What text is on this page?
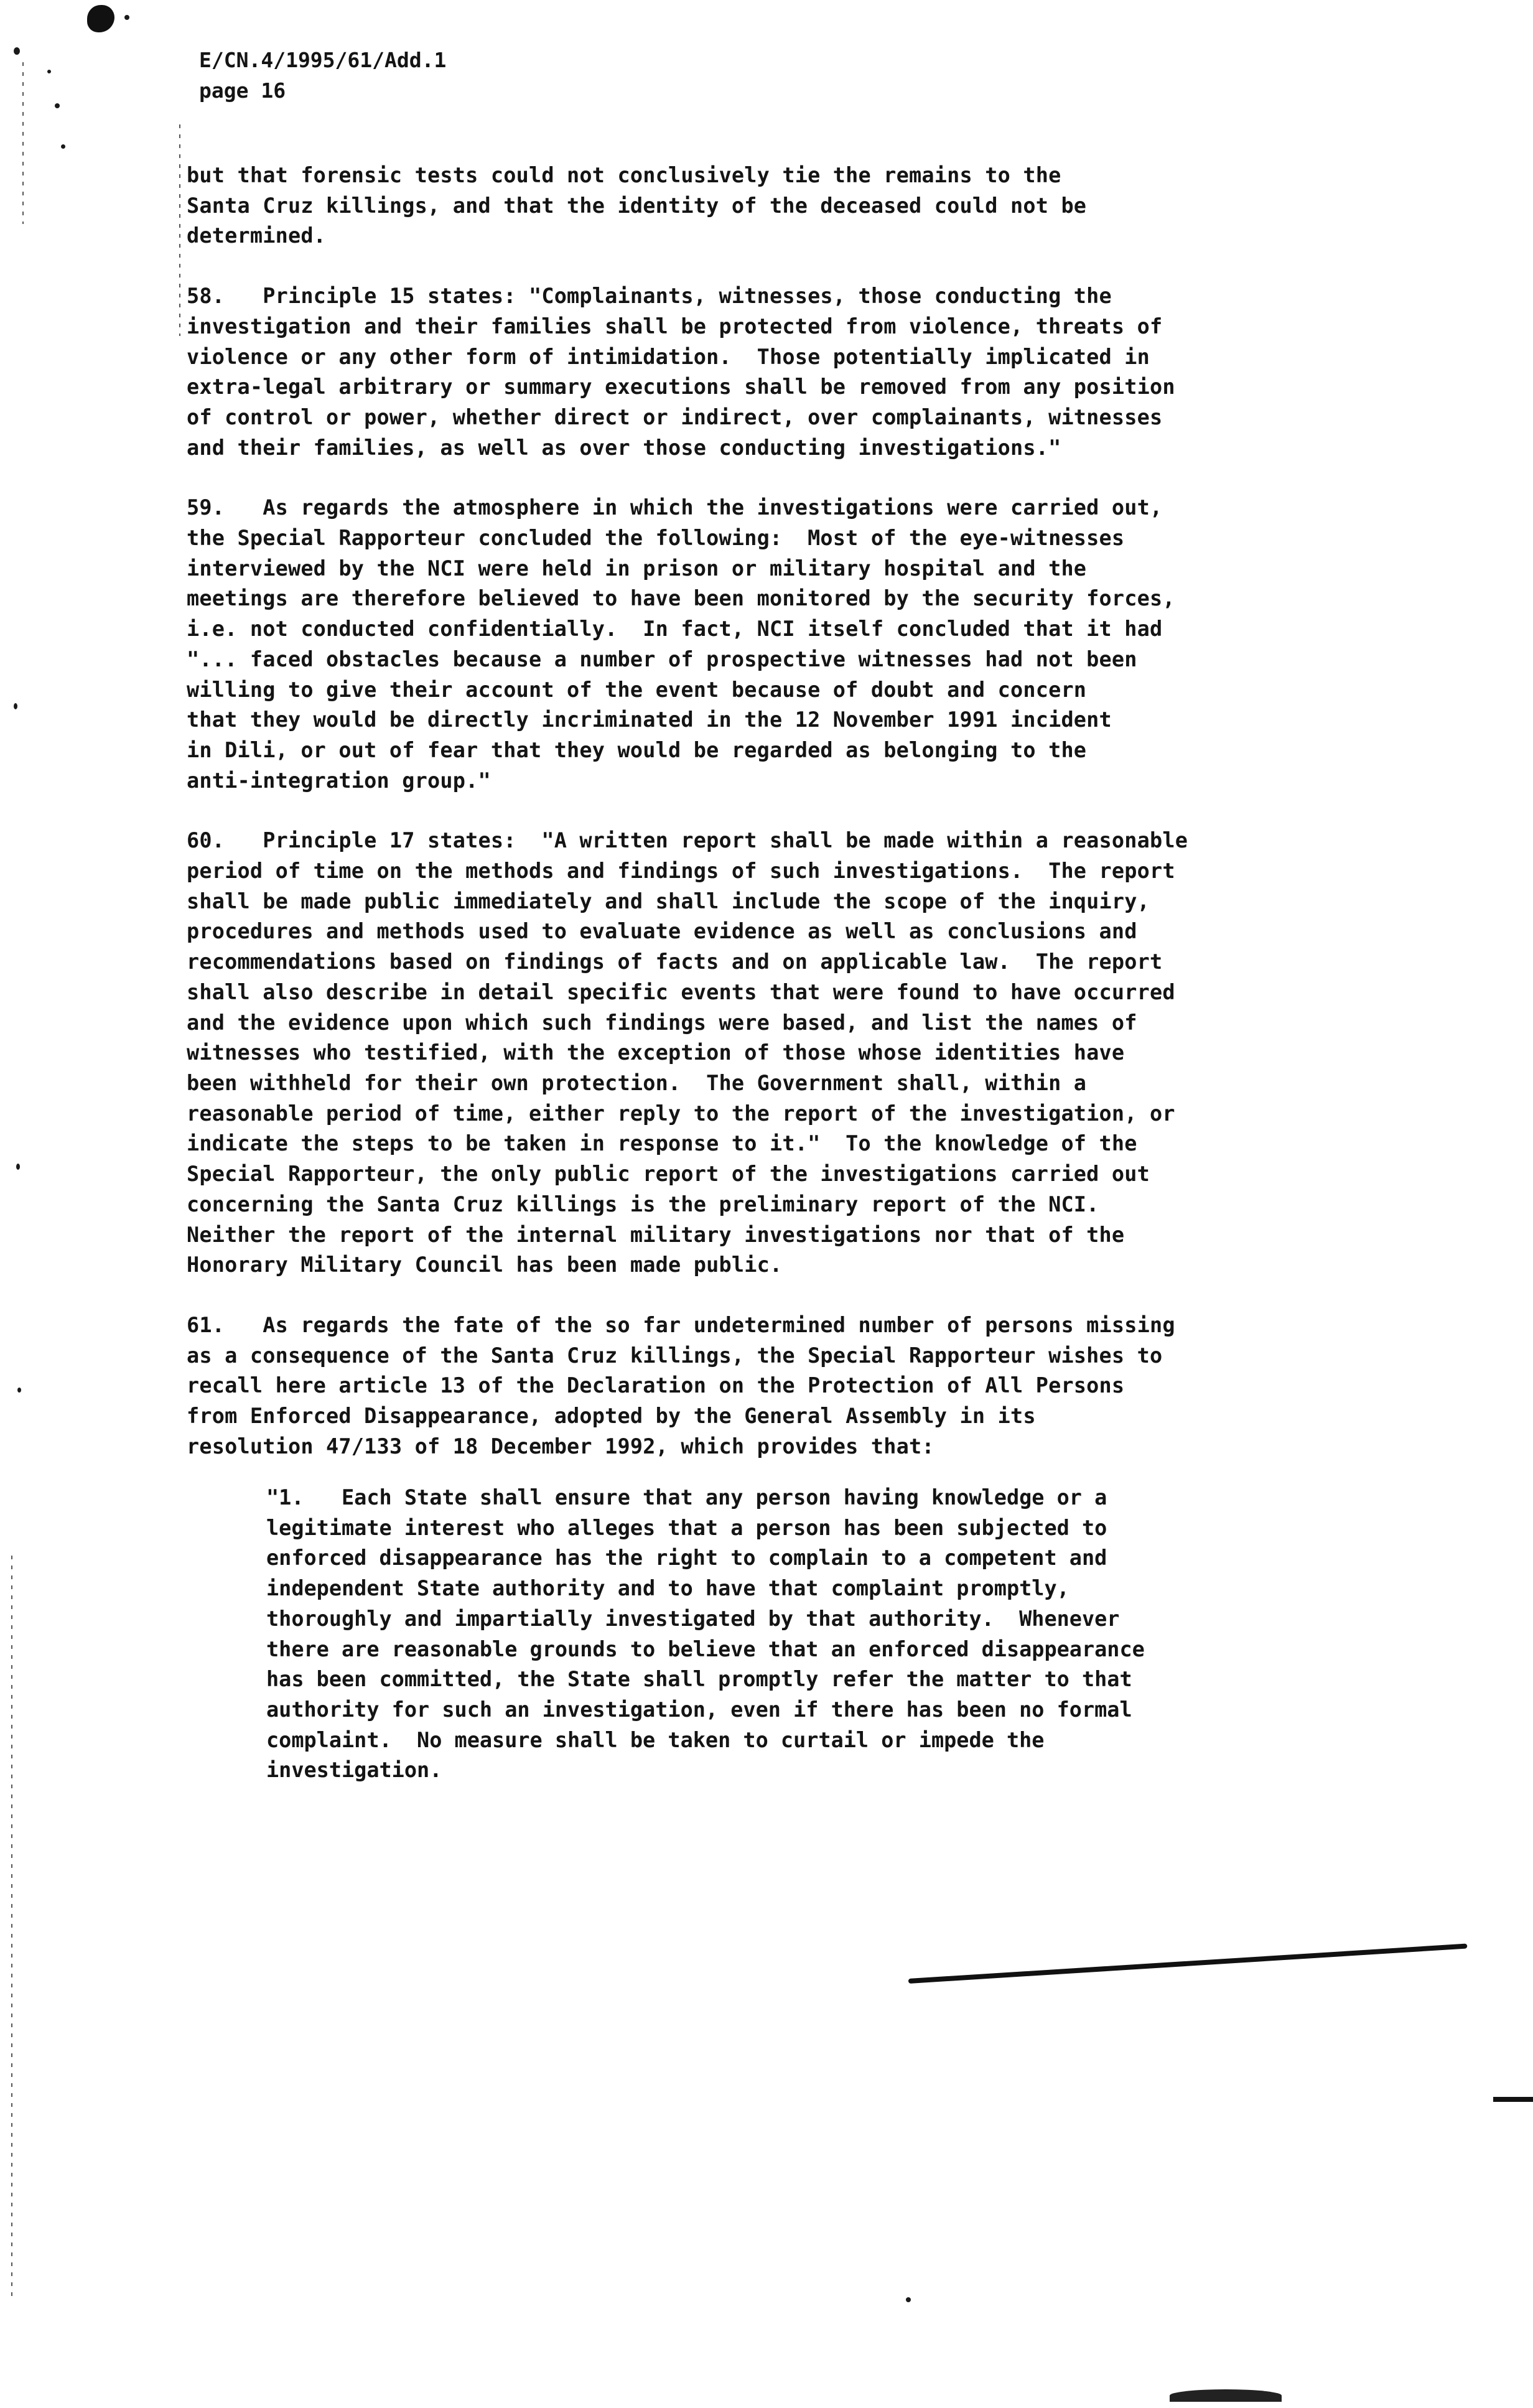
E/CN.4/1995/61/Add.1
page 16

but that forensic tests could not conclusively tie the remains to the
Santa Cruz killings, and that the identity of the deceased could not be
determined.

58.   Principle 15 states: "Complainants, witnesses, those conducting the
investigation and their families shall be protected from violence, threats of
violence or any other form of intimidation.  Those potentially implicated in
extra-legal arbitrary or summary executions shall be removed from any position
of control or power, whether direct or indirect, over complainants, witnesses
and their families, as well as over those conducting investigations."

59.   As regards the atmosphere in which the investigations were carried out,
the Special Rapporteur concluded the following:  Most of the eye-witnesses
interviewed by the NCI were held in prison or military hospital and the
meetings are therefore believed to have been monitored by the security forces,
i.e. not conducted confidentially.  In fact, NCI itself concluded that it had
"... faced obstacles because a number of prospective witnesses had not been
willing to give their account of the event because of doubt and concern
that they would be directly incriminated in the 12 November 1991 incident
in Dili, or out of fear that they would be regarded as belonging to the
anti-integration group."

60.   Principle 17 states:  "A written report shall be made within a reasonable
period of time on the methods and findings of such investigations.  The report
shall be made public immediately and shall include the scope of the inquiry,
procedures and methods used to evaluate evidence as well as conclusions and
recommendations based on findings of facts and on applicable law.  The report
shall also describe in detail specific events that were found to have occurred
and the evidence upon which such findings were based, and list the names of
witnesses who testified, with the exception of those whose identities have
been withheld for their own protection.  The Government shall, within a
reasonable period of time, either reply to the report of the investigation, or
indicate the steps to be taken in response to it."  To the knowledge of the
Special Rapporteur, the only public report of the investigations carried out
concerning the Santa Cruz killings is the preliminary report of the NCI.
Neither the report of the internal military investigations nor that of the
Honorary Military Council has been made public.

61.   As regards the fate of the so far undetermined number of persons missing
as a consequence of the Santa Cruz killings, the Special Rapporteur wishes to
recall here article 13 of the Declaration on the Protection of All Persons
from Enforced Disappearance, adopted by the General Assembly in its
resolution 47/133 of 18 December 1992, which provides that:

"1.   Each State shall ensure that any person having knowledge or a
legitimate interest who alleges that a person has been subjected to
enforced disappearance has the right to complain to a competent and
independent State authority and to have that complaint promptly,
thoroughly and impartially investigated by that authority.  Whenever
there are reasonable grounds to believe that an enforced disappearance
has been committed, the State shall promptly refer the matter to that
authority for such an investigation, even if there has been no formal
complaint.  No measure shall be taken to curtail or impede the
investigation.
